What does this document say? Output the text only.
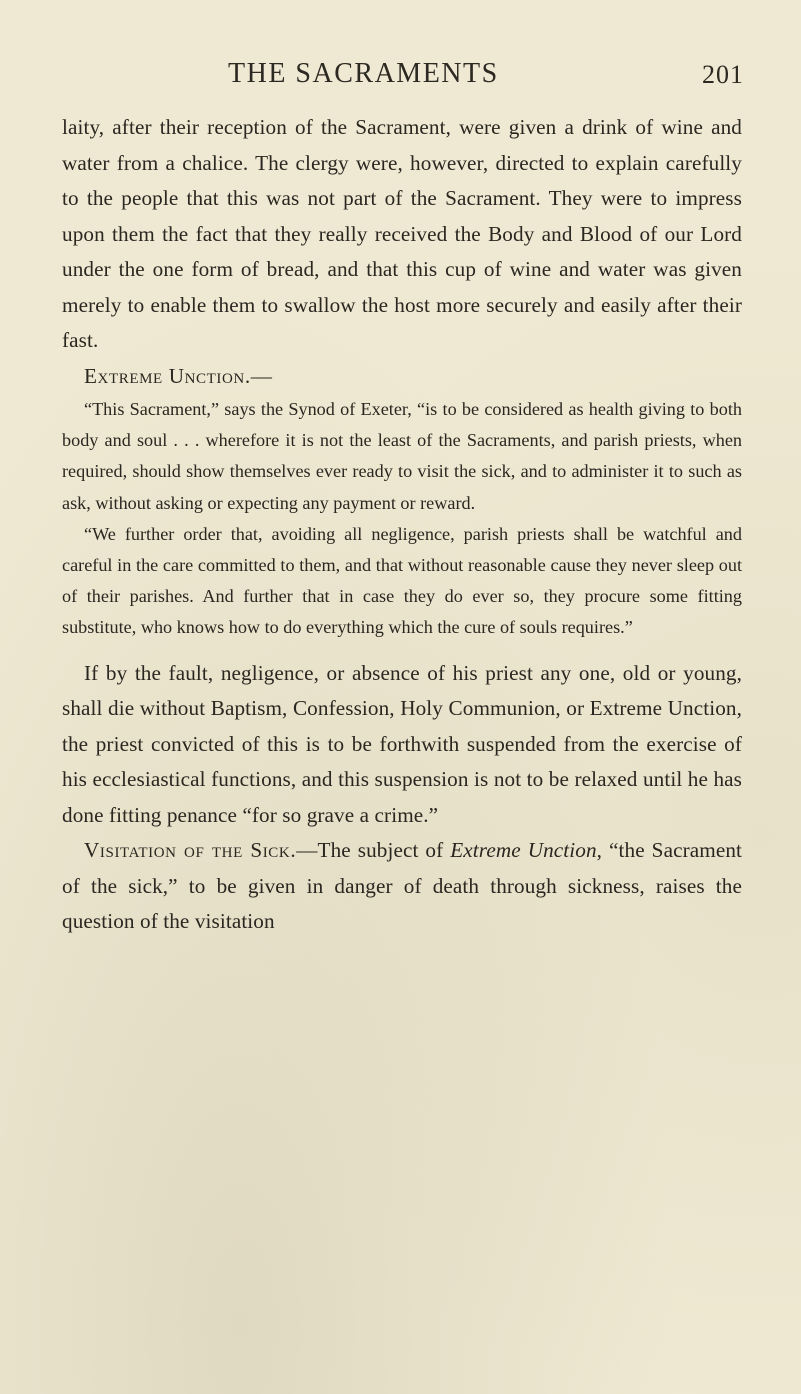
THE SACRAMENTS	201

laity, after their reception of the Sacrament, were given a drink of wine and water from a chalice. The clergy were, however, directed to explain carefully to the people that this was not part of the Sacrament. They were to impress upon them the fact that they really received the Body and Blood of our Lord under the one form of bread, and that this cup of wine and water was given merely to enable them to swallow the host more securely and easily after their fast.

Extreme Unction.—

“This Sacrament,” says the Synod of Exeter, “is to be considered as health giving to both body and soul . . . wherefore it is not the least of the Sacraments, and parish priests, when required, should show themselves ever ready to visit the sick, and to administer it to such as ask, without asking or expecting any payment or reward.

“We further order that, avoiding all negligence, parish priests shall be watchful and careful in the care committed to them, and that without reasonable cause they never sleep out of their parishes. And further that in case they do ever so, they procure some fitting substitute, who knows how to do everything which the cure of souls requires.”

If by the fault, negligence, or absence of his priest any one, old or young, shall die without Baptism, Confession, Holy Communion, or Extreme Unction, the priest convicted of this is to be forthwith suspended from the exercise of his ecclesiastical functions, and this suspension is not to be relaxed until he has done fitting penance “for so grave a crime.”

Visitation of the Sick.—The subject of Extreme Unction, “the Sacrament of the sick,” to be given in danger of death through sickness, raises the question of the visitation
